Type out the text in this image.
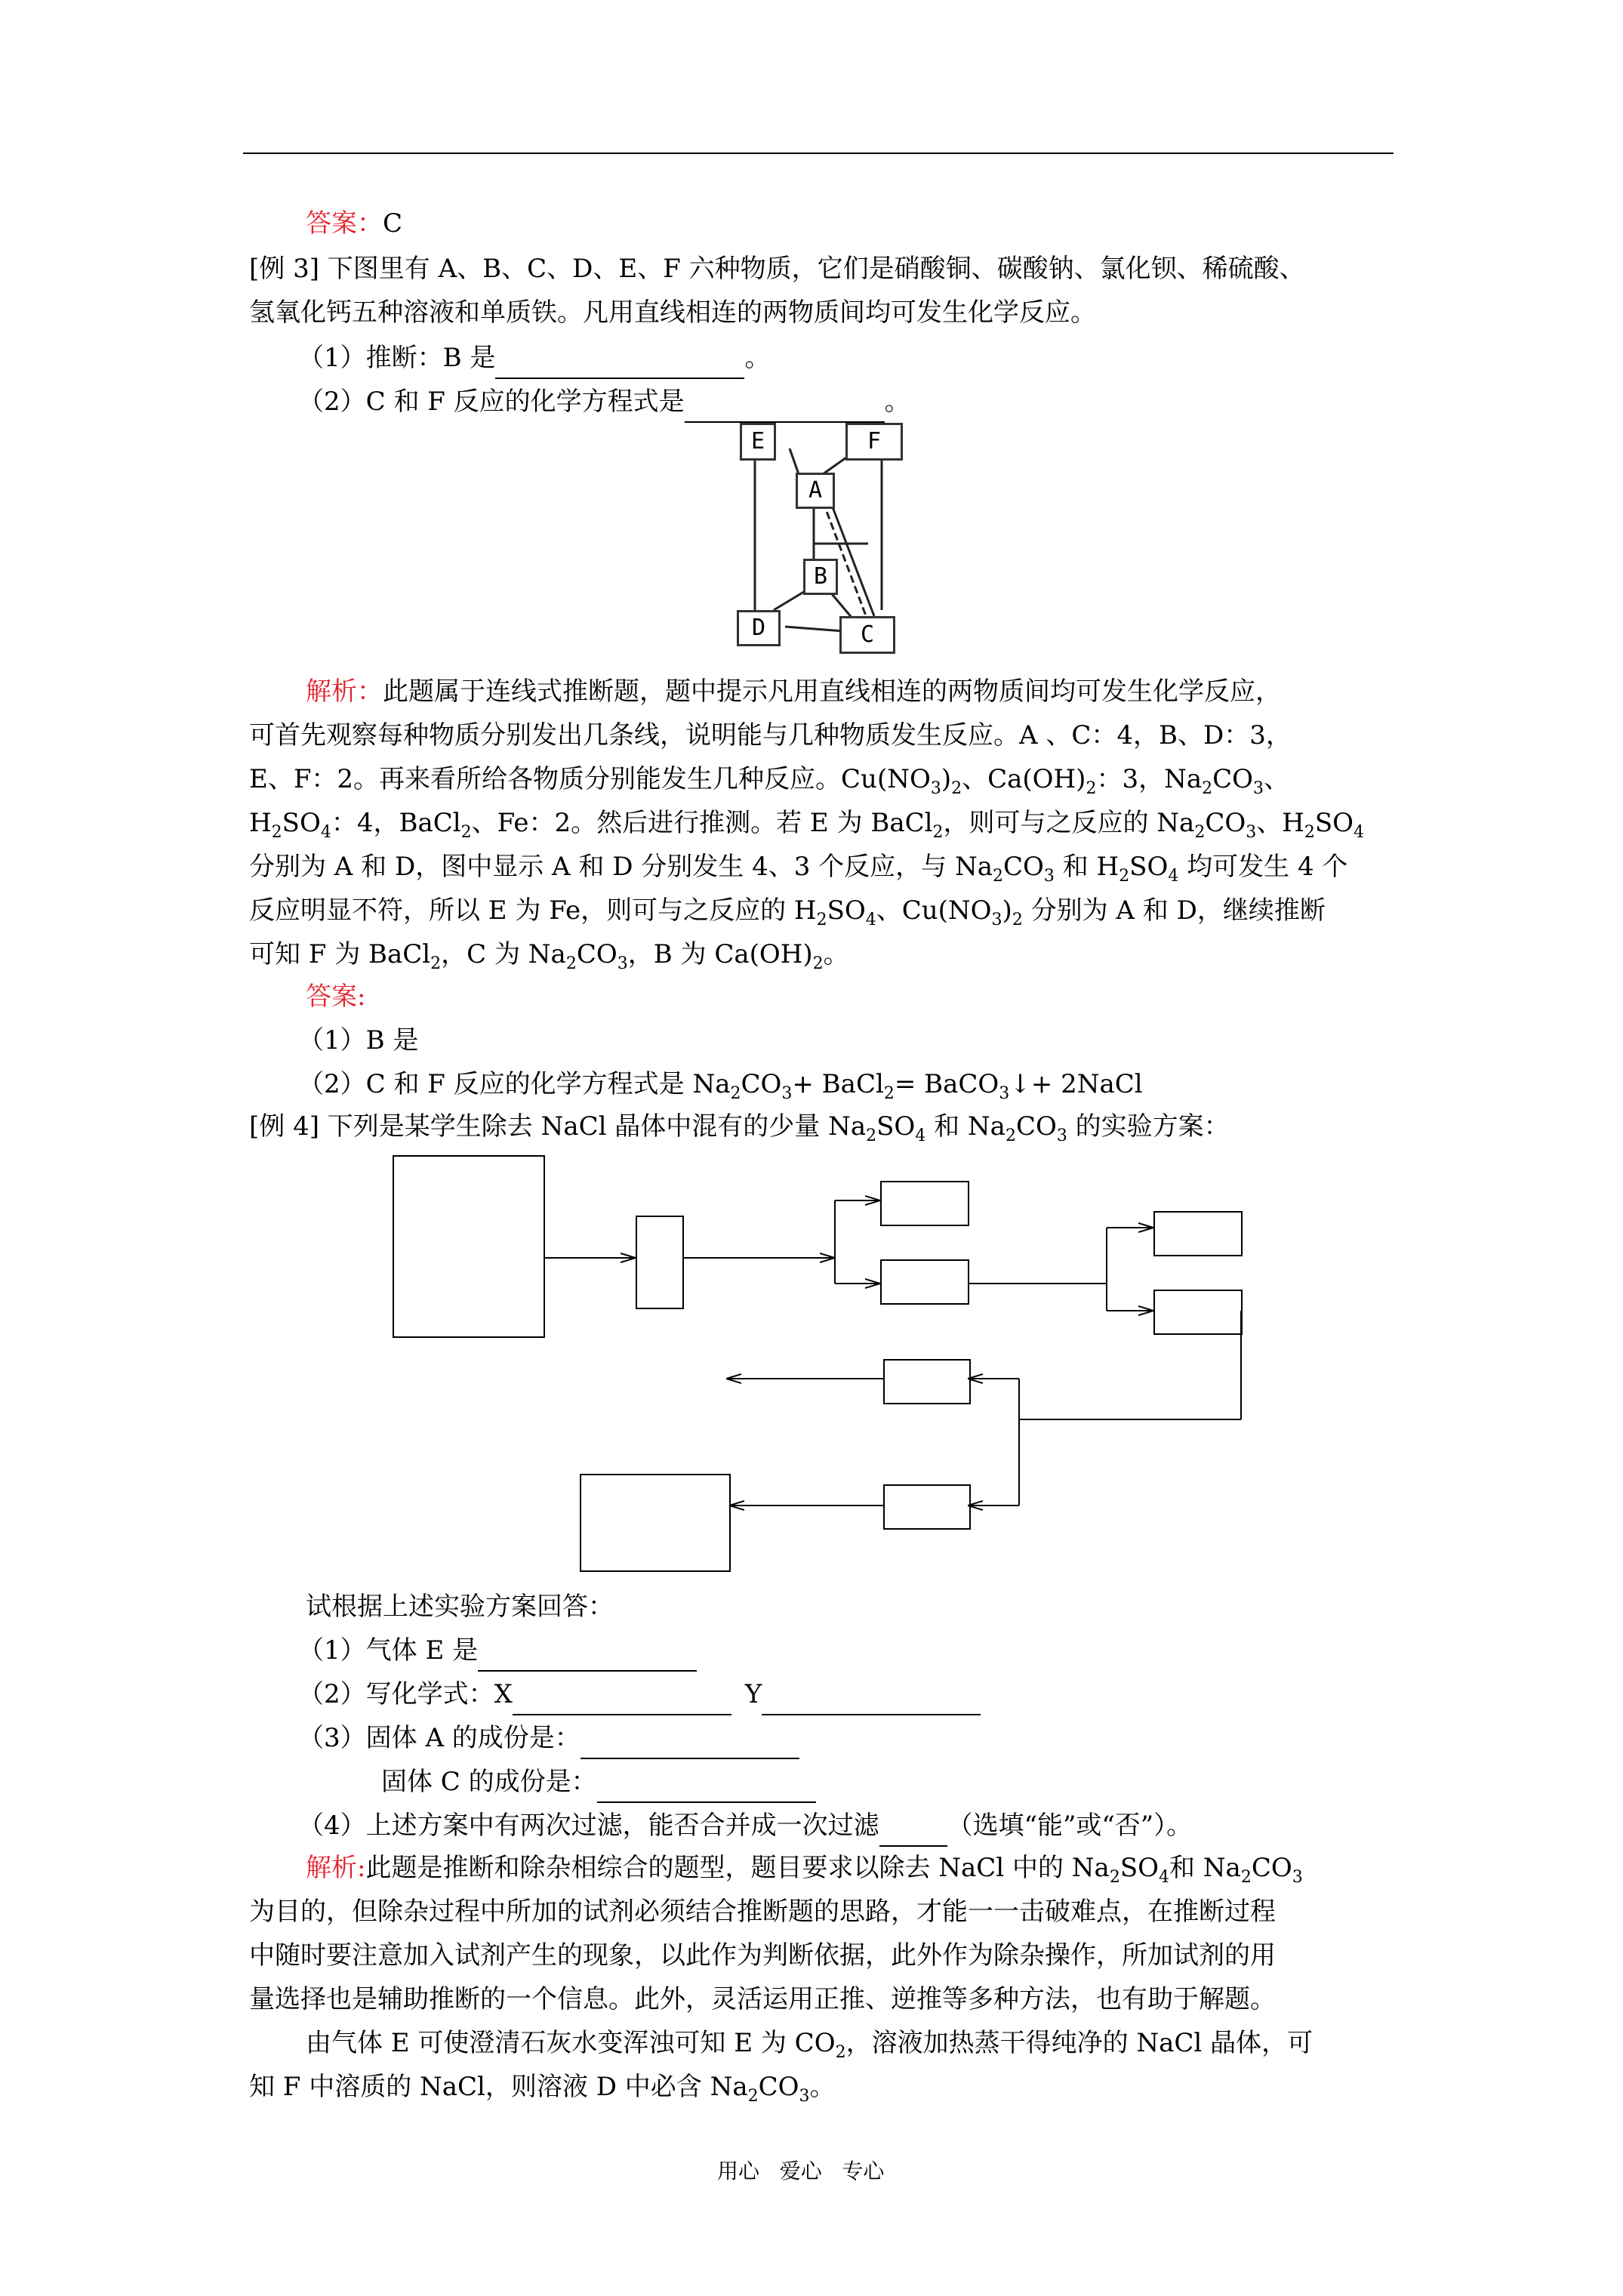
答案：C
[例 3] 下图里有 A、B、C、D、E、F 六种物质，它们是硝酸铜、碳酸钠、氯化钡、稀硫酸、
氢氧化钙五种溶液和单质铁。凡用直线相连的两物质间均可发生化学反应。
（1）推断：B 是	。
（2）C 和 F 反应的化学方程式是	。
E	F
A
B
D	C
解析：此题属于连线式推断题，题中提示凡用直线相连的两物质间均可发生化学反应，
可首先观察每种物质分别发出几条线，说明能与几种物质发生反应。A 、C：4，B、D：3，
E、F：2。再来看所给各物质分别能发生几种反应。$Cu(NO_3)_2$、$Ca(OH)_2$：3，$Na_2CO_3$、
$H_2SO_4$：4，BaCl$_2$、Fe：2。然后进行推测。若 E 为 BaCl$_2$，则可与之反应的 $Na_2CO_3$、$H_2SO_4$
分别为 A 和 D，图中显示 A 和 D 分别发生 4、3 个反应，与 $Na_2CO_3$ 和 $H_2SO_4$ 均可发生 4 个
反应明显不符，所以 E 为 Fe，则可与之反应的 $H_2SO_4$、$Cu(NO_3)_2$ 分别为 A 和 D，继续推断
可知 F 为 BaCl$_2$，C 为 $Na_2CO_3$，B 为 $Ca(OH)_2$。
答案:
（1）B 是
（2）C 和 F 反应的化学方程式是 $Na_2CO_3+$ BaCl$_2$= BaCO$_3$↓+ 2NaCl
[例 4] 下列是某学生除去 NaCl 晶体中混有的少量 $Na_2SO_4$ 和 $Na_2CO_3$ 的实验方案：
试根据上述实验方案回答：
（1）气体 E 是
（2）写化学式：X	Y
（3）固体 A 的成份是：
固体 C 的成份是：
（4）上述方案中有两次过滤，能否合并成一次过滤	（选填“能”或“否”）。
解析:此题是推断和除杂相综合的题型，题目要求以除去 NaCl 中的 $Na_2SO_4$和 $Na_2CO_3$
为目的，但除杂过程中所加的试剂必须结合推断题的思路，才能一一击破难点，在推断过程
中随时要注意加入试剂产生的现象，以此作为判断依据，此外作为除杂操作，所加试剂的用
量选择也是辅助推断的一个信息。此外，灵活运用正推、逆推等多种方法，也有助于解题。
由气体 E 可使澄清石灰水变浑浊可知 E 为 $CO_2$，溶液加热蒸干得纯净的 NaCl 晶体，可
知 F 中溶质的 NaCl，则溶液 D 中必含 $Na_2CO_3$。
用心   爱心   专心
